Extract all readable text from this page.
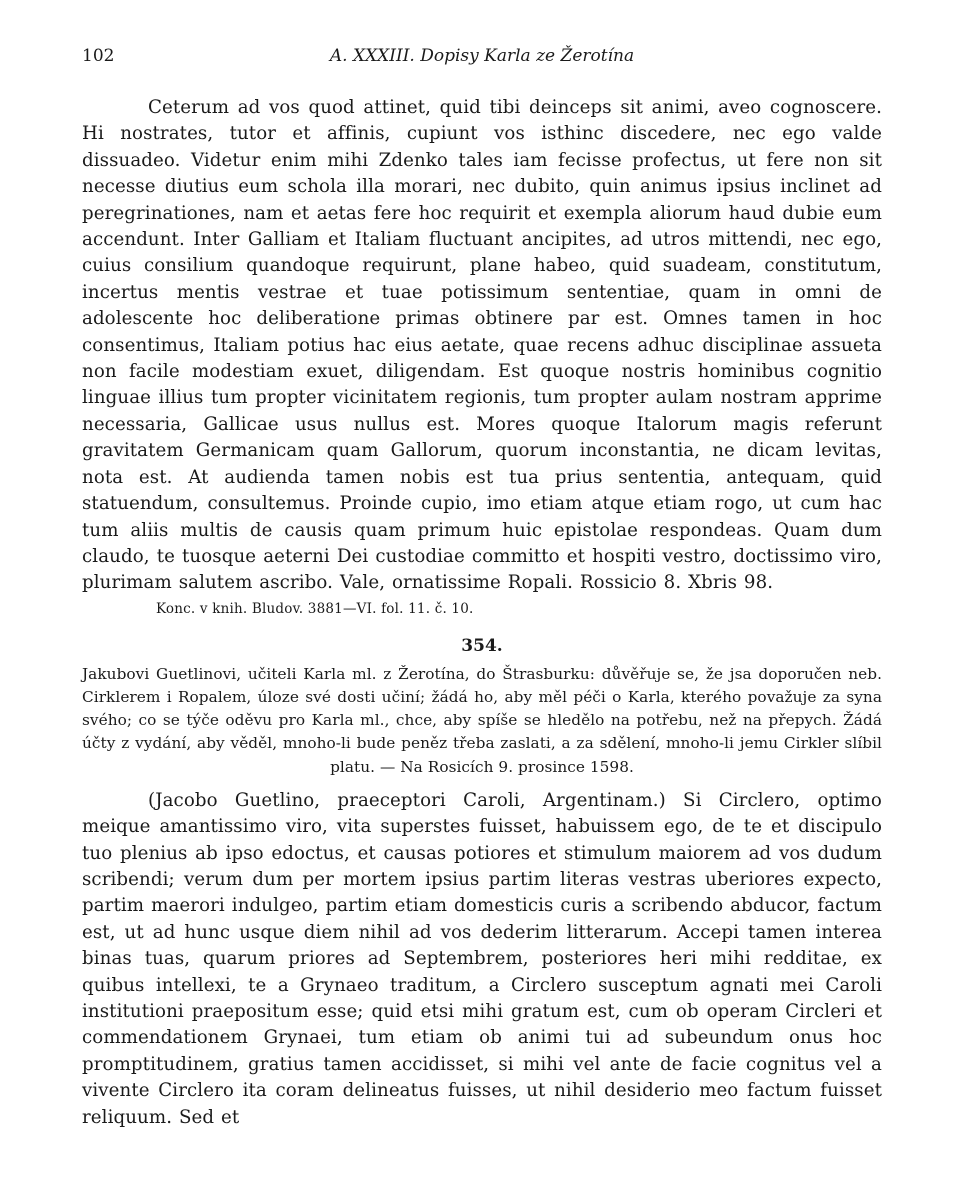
102	A. XXXIII. Dopisy Karla ze Žerotína

Ceterum ad vos quod attinet, quid tibi deinceps sit animi, aveo cognoscere. Hi nostrates, tutor et affinis, cupiunt vos isthinc discedere, nec ego valde dissuadeo. Videtur enim mihi Zdenko tales iam fecisse profectus, ut fere non sit necesse diutius eum schola illa morari, nec dubito, quin animus ipsius inclinet ad peregrinationes, nam et aetas fere hoc requirit et exempla aliorum haud dubie eum accendunt. Inter Galliam et Italiam fluctuant ancipites, ad utros mittendi, nec ego, cuius consilium quandoque requirunt, plane habeo, quid suadeam, constitutum, incertus mentis vestrae et tuae potissimum sententiae, quam in omni de adolescente hoc deliberatione primas obtinere par est. Omnes tamen in hoc consentimus, Italiam potius hac eius aetate, quae recens adhuc disciplinae assueta non facile modestiam exuet, diligendam. Est quoque nostris hominibus cognitio linguae illius tum propter vicinitatem regionis, tum propter aulam nostram apprime necessaria, Gallicae usus nullus est. Mores quoque Italorum magis referunt gravitatem Germanicam quam Gallorum, quorum inconstantia, ne dicam levitas, nota est. At audienda tamen nobis est tua prius sententia, antequam, quid statuendum, consultemus. Proinde cupio, imo etiam atque etiam rogo, ut cum hac tum aliis multis de causis quam primum huic epistolae respondeas. Quam dum claudo, te tuosque aeterni Dei custodiae committo et hospiti vestro, doctissimo viro, plurimam salutem ascribo. Vale, ornatissime Ropali. Rossicio 8. Xbris 98.

Konc. v knih. Bludov. 3881—VI. fol. 11. č. 10.
354.

Jakubovi Guetlinovi, učiteli Karla ml. z Žerotína, do Štrasburku: důvěřuje se, že jsa doporučen neb. Cirklerem i Ropalem, úloze své dosti učiní; žádá ho, aby měl péči o Karla, kterého považuje za syna svého; co se týče oděvu pro Karla ml., chce, aby spíše se hledělo na potřebu, než na přepych. Žádá účty z vydání, aby věděl, mnoho-li bude peněz třeba zaslati, a za sdělení, mnoho-li jemu Cirkler slíbil platu. — Na Rosicích 9. prosince 1598.

(Jacobo Guetlino, praeceptori Caroli, Argentinam.) Si Circlero, optimo meique amantissimo viro, vita superstes fuisset, habuissem ego, de te et discipulo tuo plenius ab ipso edoctus, et causas potiores et stimulum maiorem ad vos dudum scribendi; verum dum per mortem ipsius partim literas vestras uberiores expecto, partim maerori indulgeo, partim etiam domesticis curis a scribendo abducor, factum est, ut ad hunc usque diem nihil ad vos dederim litterarum. Accepi tamen interea binas tuas, quarum priores ad Septembrem, posteriores heri mihi redditae, ex quibus intellexi, te a Grynaeo traditum, a Circlero susceptum agnati mei Caroli institutioni praepositum esse; quid etsi mihi gratum est, cum ob operam Circleri et commendationem Grynaei, tum etiam ob animi tui ad subeundum onus hoc promptitudinem, gratius tamen accidisset, si mihi vel ante de facie cognitus vel a vivente Circlero ita coram delineatus fuisses, ut nihil desiderio meo factum fuisset reliquum. Sed et
